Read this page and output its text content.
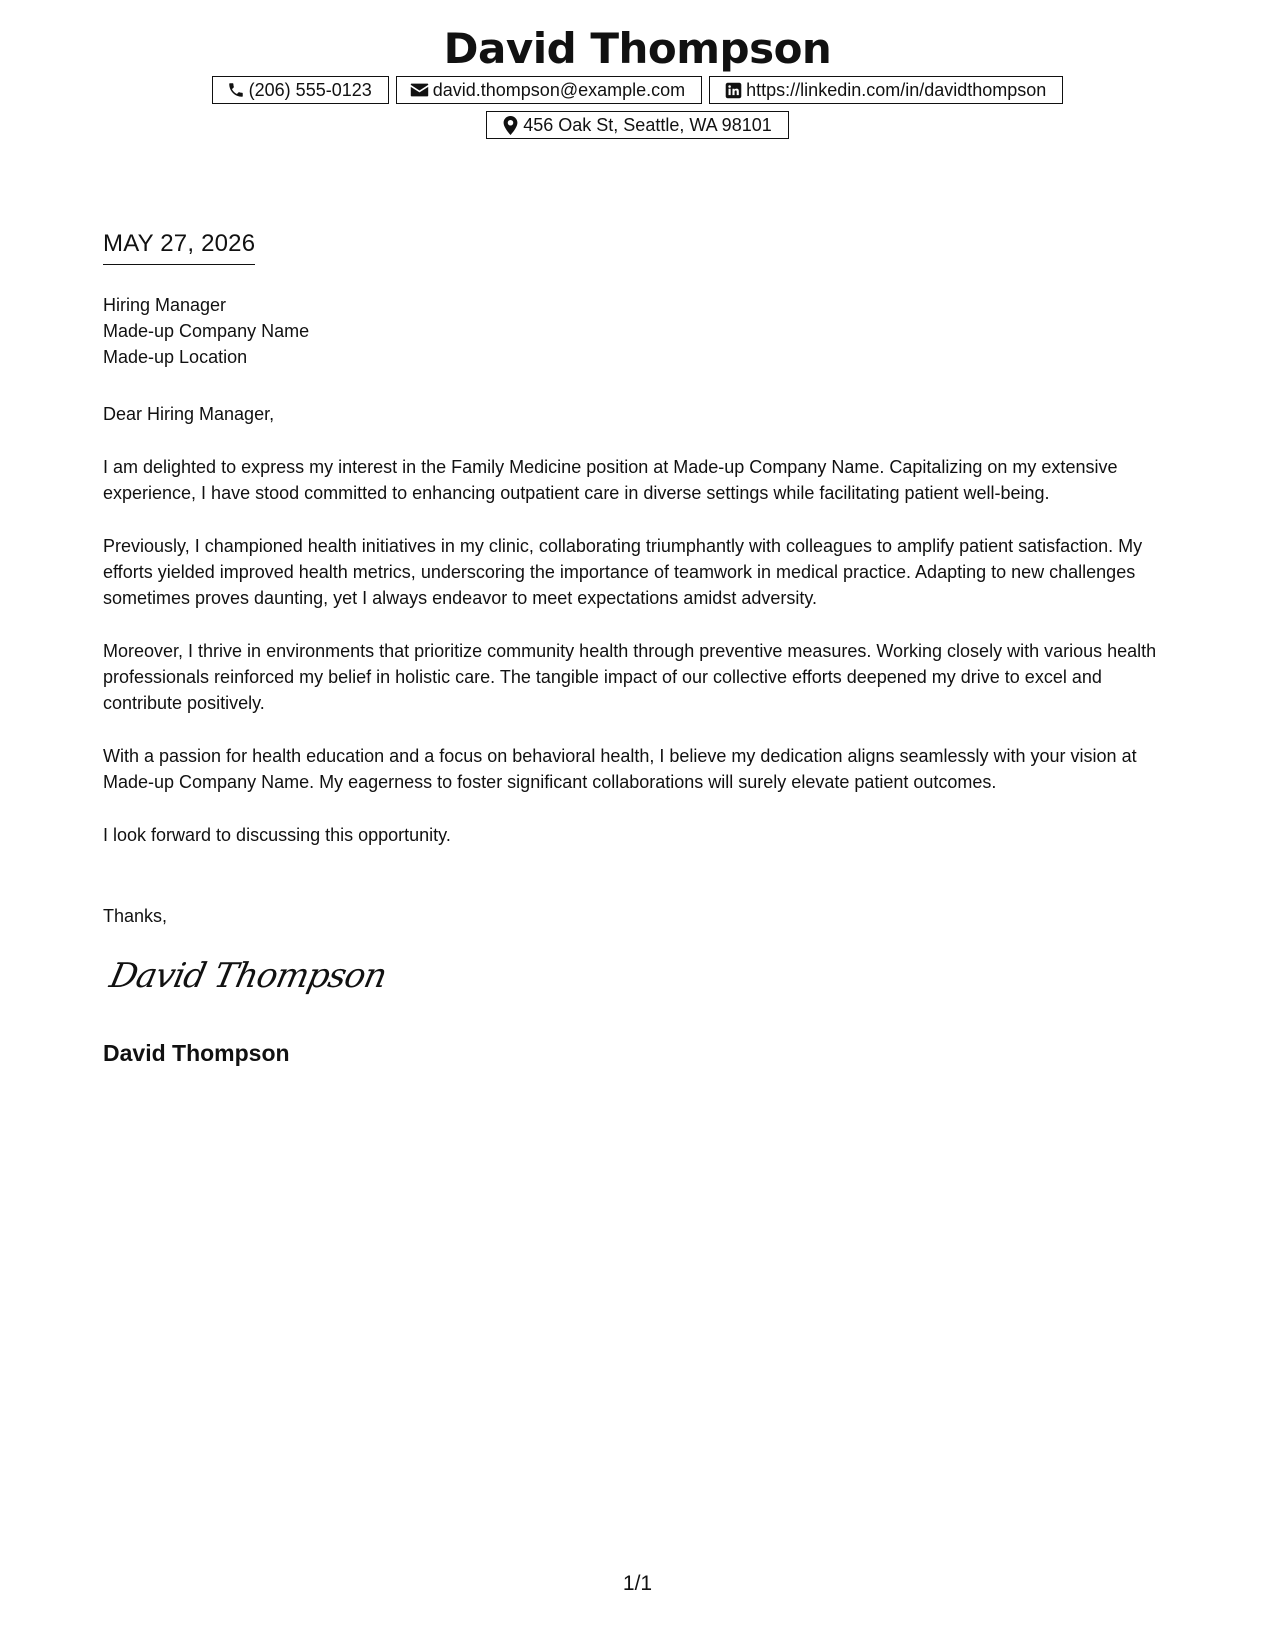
David Thompson
(206) 555-0123	david.thompson@example.com	https://linkedin.com/in/davidthompson
456 Oak St, Seattle, WA 98101
MAY 27, 2026
Hiring Manager
Made-up Company Name
Made-up Location

Dear Hiring Manager,

I am delighted to express my interest in the Family Medicine position at Made-up Company Name. Capitalizing on my extensive experience, I have stood committed to enhancing outpatient care in diverse settings while facilitating patient well-being.

Previously, I championed health initiatives in my clinic, collaborating triumphantly with colleagues to amplify patient satisfaction. My efforts yielded improved health metrics, underscoring the importance of teamwork in medical practice. Adapting to new challenges sometimes proves daunting, yet I always endeavor to meet expectations amidst adversity.

Moreover, I thrive in environments that prioritize community health through preventive measures. Working closely with various health professionals reinforced my belief in holistic care. The tangible impact of our collective efforts deepened my drive to excel and contribute positively.

With a passion for health education and a focus on behavioral health, I believe my dedication aligns seamlessly with your vision at Made-up Company Name. My eagerness to foster significant collaborations will surely elevate patient outcomes.

I look forward to discussing this opportunity.

Thanks,
David Thompson
David Thompson
1/1
